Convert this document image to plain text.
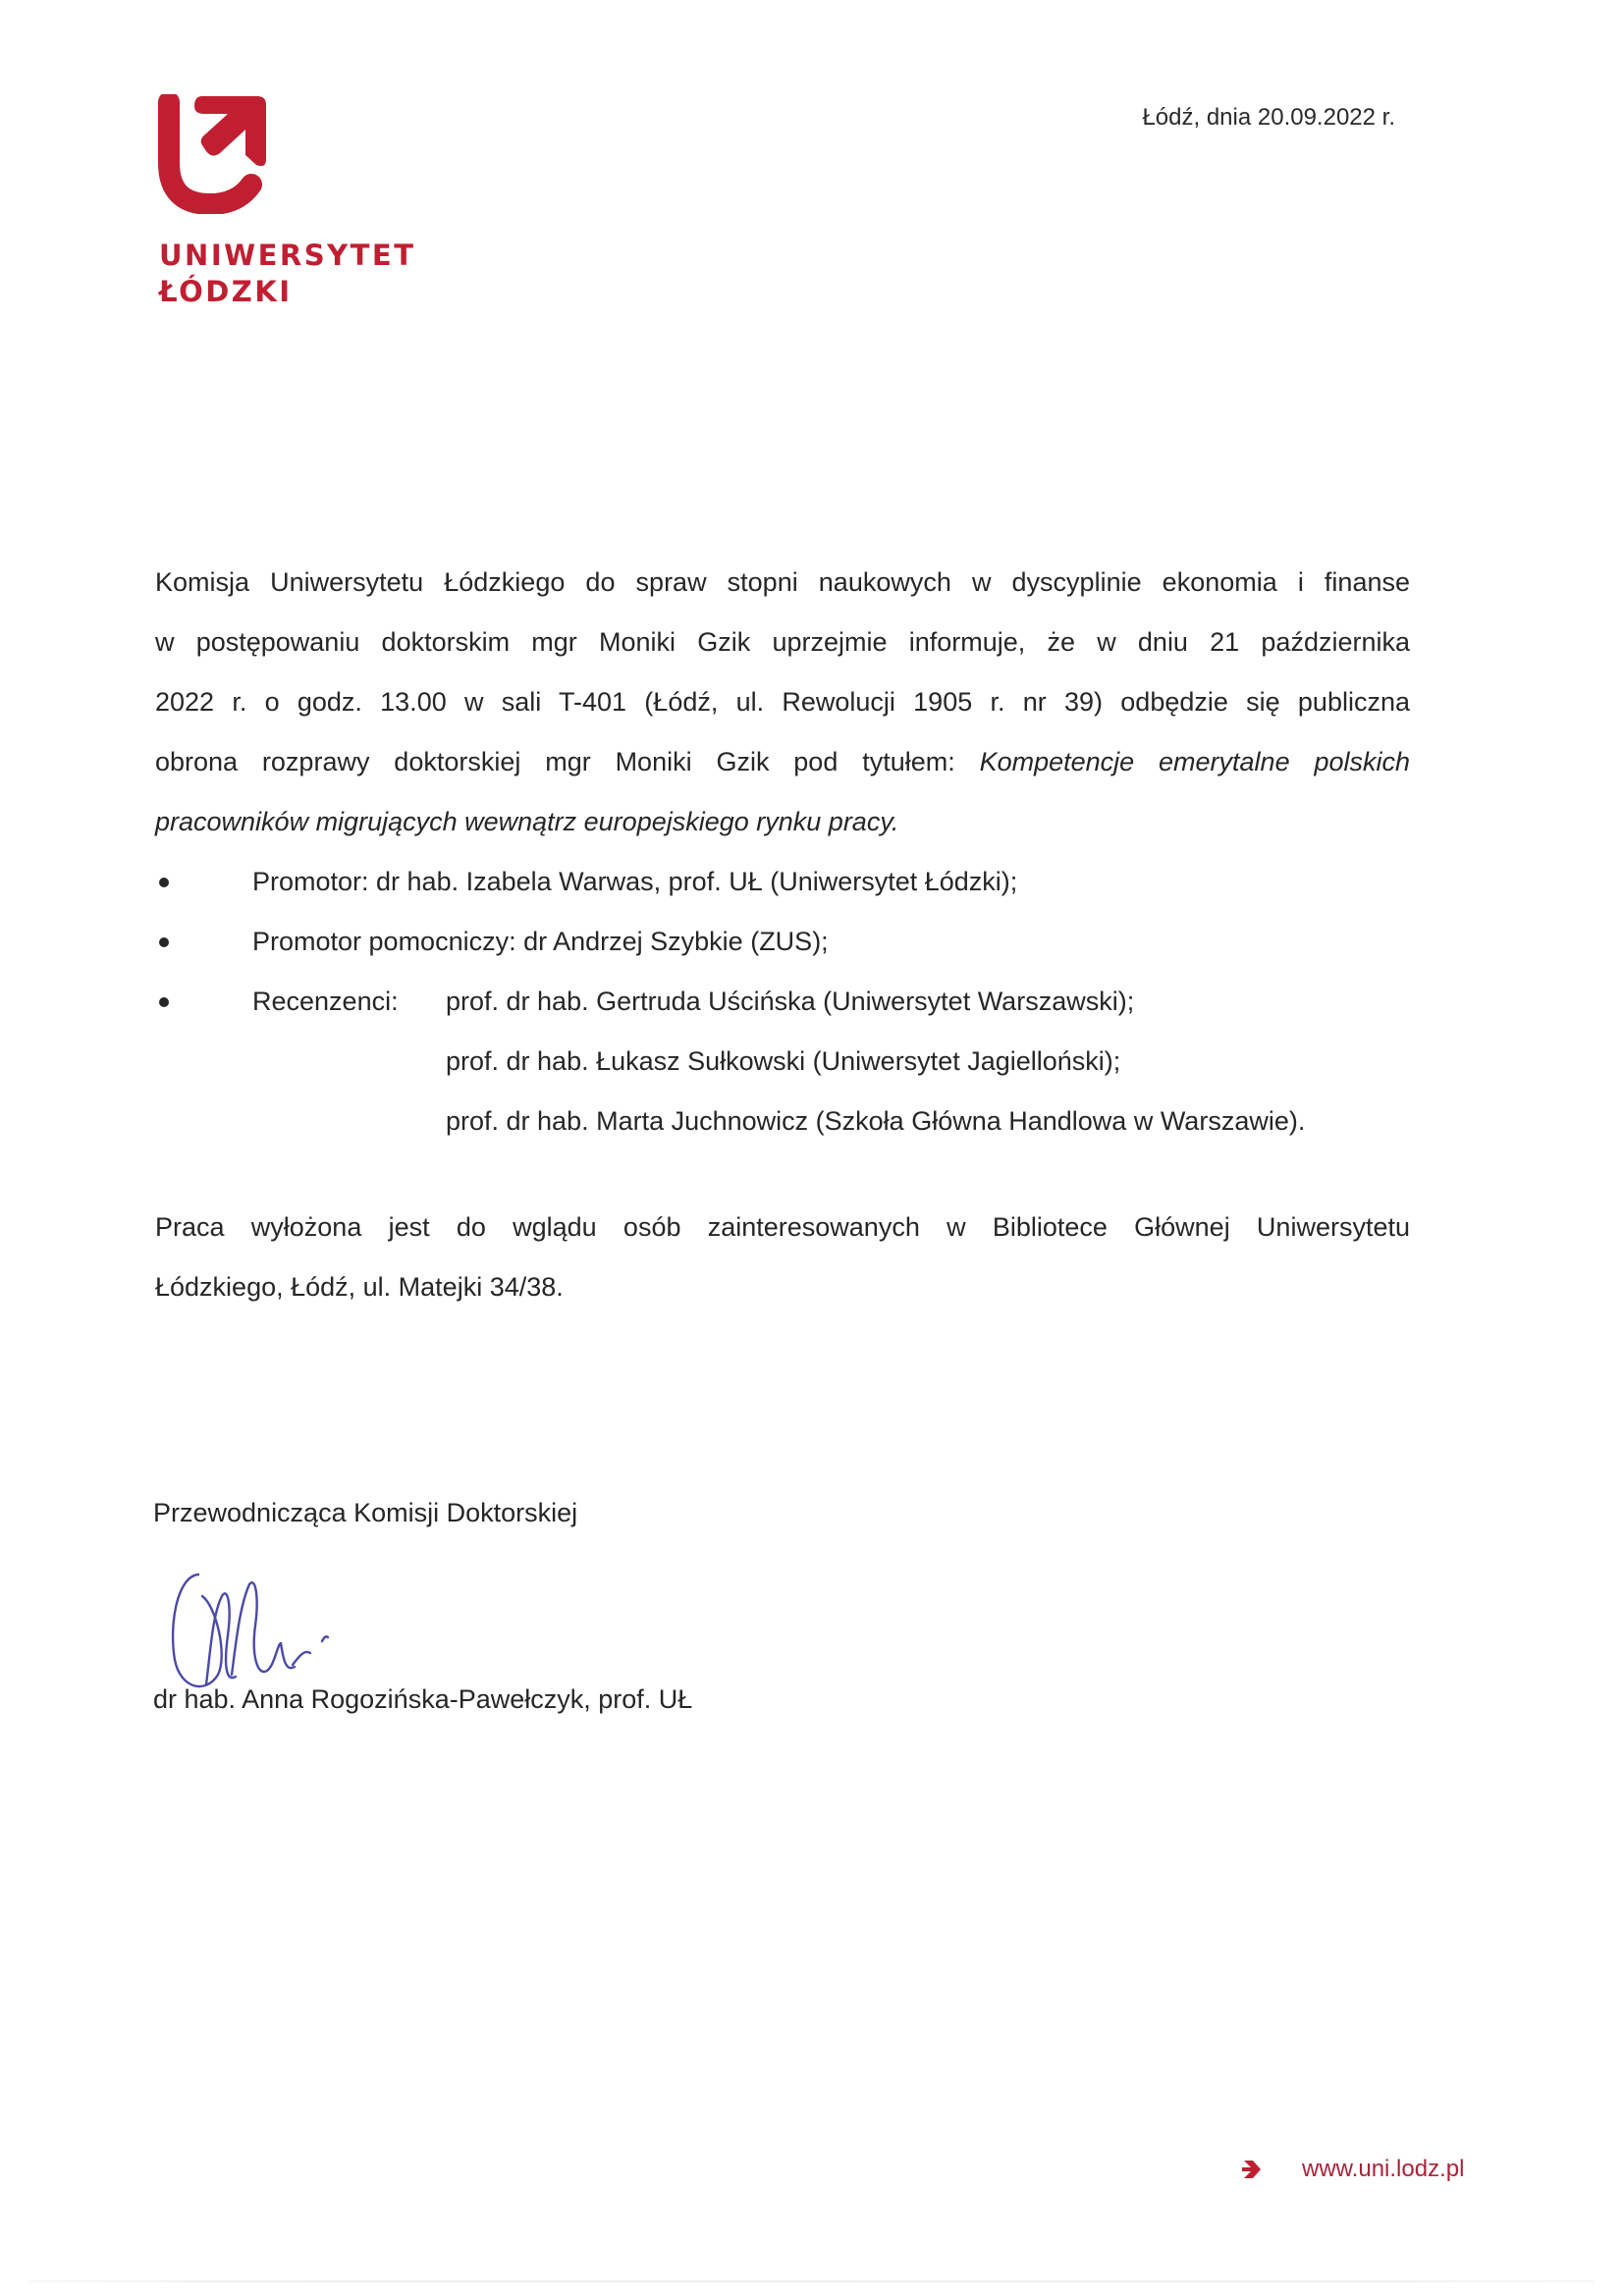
UNIWERSYTET
ŁÓDZKI
Łódź, dnia 20.09.2022 r.

Komisja Uniwersytetu Łódzkiego do spraw stopni naukowych w dyscyplinie ekonomia i finanse
w postępowaniu doktorskim mgr Moniki Gzik uprzejmie informuje, że w dniu 21 października
2022 r. o godz. 13.00 w sali T-401 (Łódź, ul. Rewolucji 1905 r. nr 39) odbędzie się publiczna
obrona rozprawy doktorskiej mgr Moniki Gzik pod tytułem: Kompetencje emerytalne polskich
pracowników migrujących wewnątrz europejskiego rynku pracy.

Promotor: dr hab. Izabela Warwas, prof. UŁ (Uniwersytet Łódzki);
Promotor pomocniczy: dr Andrzej Szybkie (ZUS);
Recenzenci:	prof. dr hab. Gertruda Uścińska (Uniwersytet Warszawski);
prof. dr hab. Łukasz Sułkowski (Uniwersytet Jagielloński);
prof. dr hab. Marta Juchnowicz (Szkoła Główna Handlowa w Warszawie).

Praca wyłożona jest do wglądu osób zainteresowanych w Bibliotece Głównej Uniwersytetu
Łódzkiego, Łódź, ul. Matejki 34/38.

Przewodnicząca Komisji Doktorskiej
dr hab. Anna Rogozińska-Pawełczyk, prof. UŁ
www.uni.lodz.pl
